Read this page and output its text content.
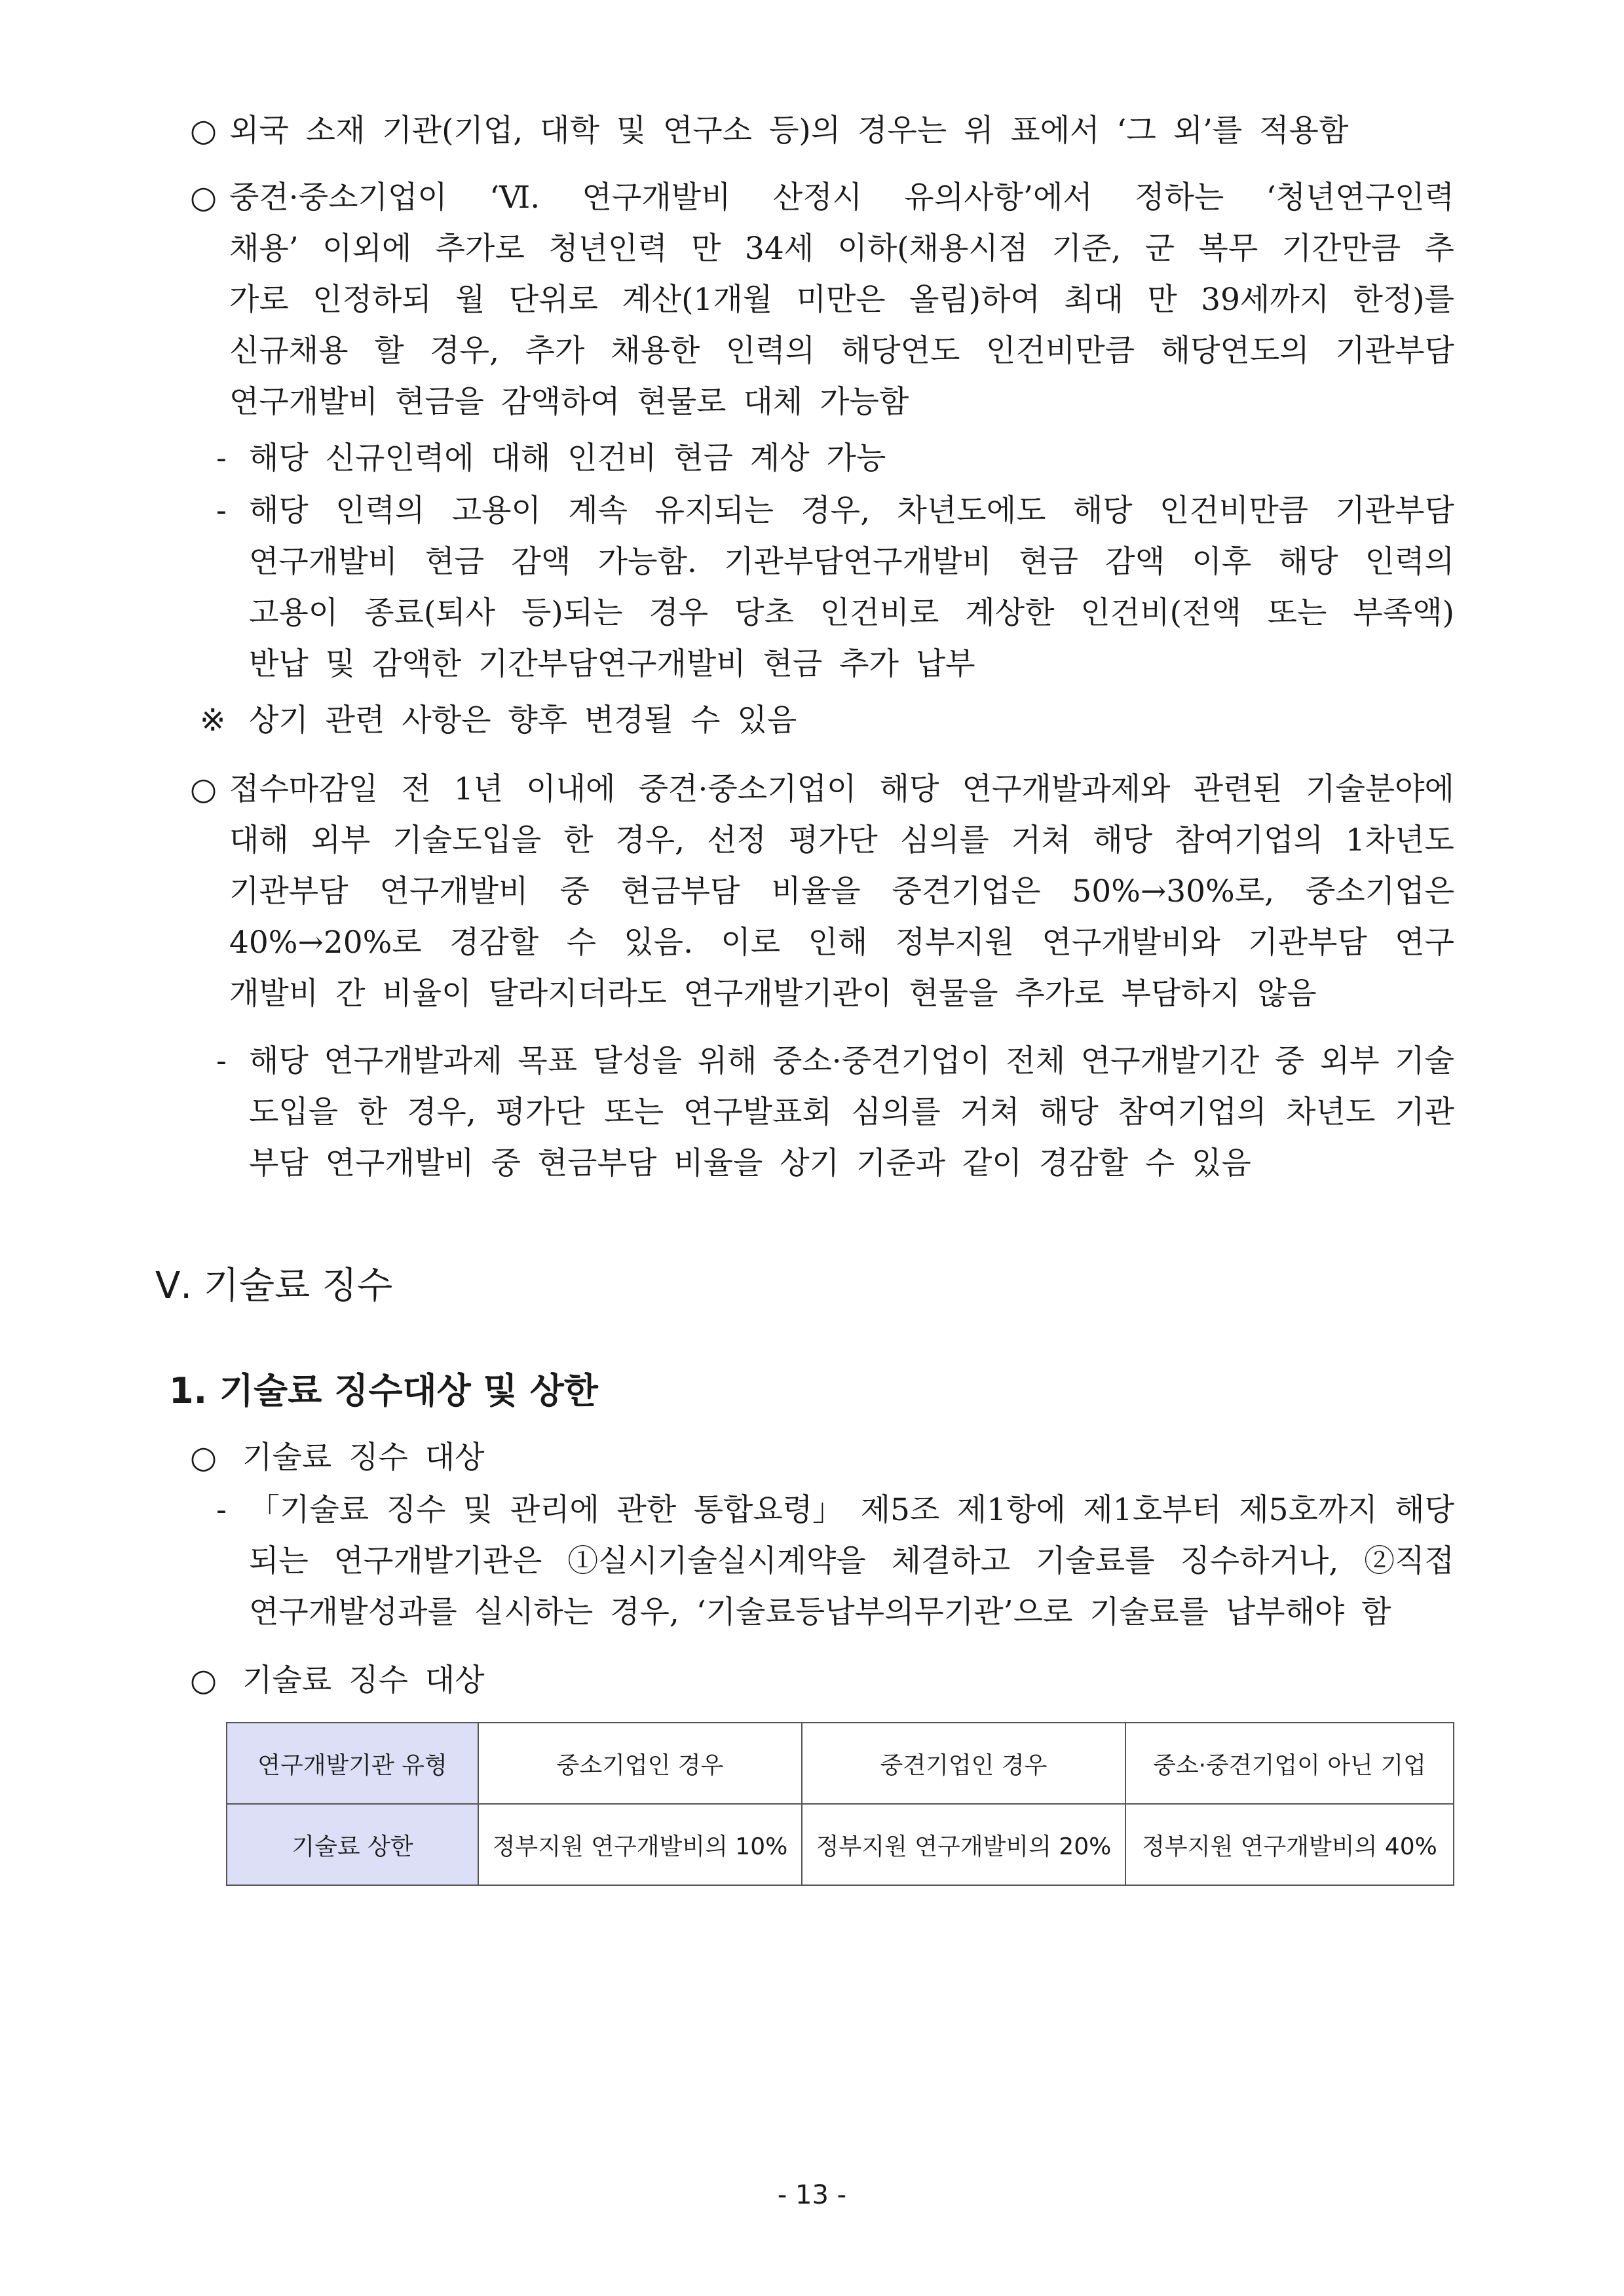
○ 외국 소재 기관(기업, 대학 및 연구소 등)의 경우는 위 표에서 ‘그 외’를 적용함
○ 중견·중소기업이 ‘Ⅵ. 연구개발비 산정시 유의사항’에서 정하는 ‘청년연구인력
채용’ 이외에 추가로 청년인력 만 34세 이하(채용시점 기준, 군 복무 기간만큼 추
가로 인정하되 월 단위로 계산(1개월 미만은 올림)하여 최대 만 39세까지 한정)를
신규채용 할 경우, 추가 채용한 인력의 해당연도 인건비만큼 해당연도의 기관부담
연구개발비 현금을 감액하여 현물로 대체 가능함
- 해당 신규인력에 대해 인건비 현금 계상 가능
- 해당 인력의 고용이 계속 유지되는 경우, 차년도에도 해당 인건비만큼 기관부담
연구개발비 현금 감액 가능함. 기관부담연구개발비 현금 감액 이후 해당 인력의
고용이 종료(퇴사 등)되는 경우 당초 인건비로 계상한 인건비(전액 또는 부족액)
반납 및 감액한 기간부담연구개발비 현금 추가 납부
※ 상기 관련 사항은 향후 변경될 수 있음
○ 접수마감일 전 1년 이내에 중견·중소기업이 해당 연구개발과제와 관련된 기술분야에
대해 외부 기술도입을 한 경우, 선정 평가단 심의를 거쳐 해당 참여기업의 1차년도
기관부담 연구개발비 중 현금부담 비율을 중견기업은 50%→30%로, 중소기업은
40%→20%로 경감할 수 있음. 이로 인해 정부지원 연구개발비와 기관부담 연구
개발비 간 비율이 달라지더라도 연구개발기관이 현물을 추가로 부담하지 않음
- 해당 연구개발과제 목표 달성을 위해 중소·중견기업이 전체 연구개발기간 중 외부 기술
도입을 한 경우, 평가단 또는 연구발표회 심의를 거쳐 해당 참여기업의 차년도 기관
부담 연구개발비 중 현금부담 비율을 상기 기준과 같이 경감할 수 있음
○ 기술료 징수 대상
- 「기술료 징수 및 관리에 관한 통합요령」 제5조 제1항에 제1호부터 제5호까지 해당
되는 연구개발기관은 ①실시기술실시계약을 체결하고 기술료를 징수하거나, ②직접
연구개발성과를 실시하는 경우, ‘기술료등납부의무기관’으로 기술료를 납부해야 함
○ 기술료 징수 대상
Ⅴ. 기술료 징수
1. 기술료 징수대상 및 상한
연구개발기관 유형	중소기업인 경우	중견기업인 경우	중소·중견기업이 아닌 기업
기술료 상한	정부지원 연구개발비의 10%	정부지원 연구개발비의 20%	정부지원 연구개발비의 40%
- 13 -
